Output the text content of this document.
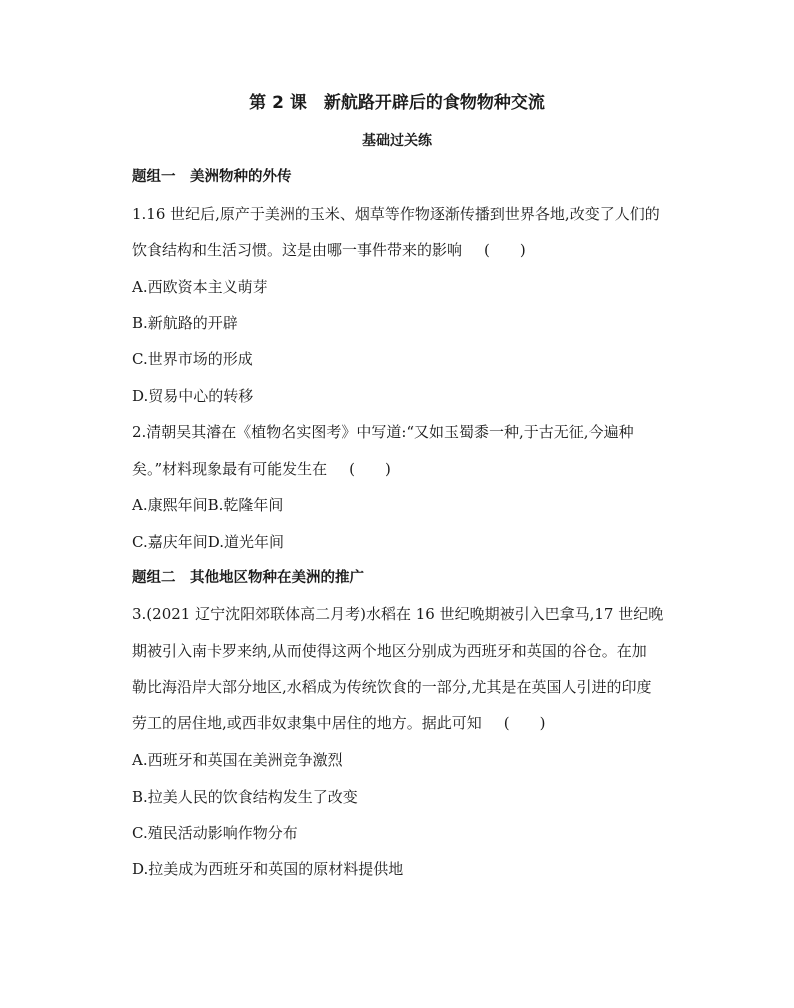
第 2 课　新航路开辟后的食物物种交流
基础过关练
题组一　美洲物种的外传
1.16 世纪后,原产于美洲的玉米、烟草等作物逐渐传播到世界各地,改变了人们的
饮食结构和生活习惯。这是由哪一事件带来的影响 (　　)
A.西欧资本主义萌芽
B.新航路的开辟
C.世界市场的形成
D.贸易中心的转移
2.清朝吴其濬在《植物名实图考》中写道:“又如玉蜀黍一种,于古无征,今遍种
矣。”材料现象最有可能发生在 (　　)
A.康熙年间B.乾隆年间
C.嘉庆年间D.道光年间
题组二　其他地区物种在美洲的推广
3.(2021 辽宁沈阳郊联体高二月考)水稻在 16 世纪晚期被引入巴拿马,17 世纪晚
期被引入南卡罗来纳,从而使得这两个地区分别成为西班牙和英国的谷仓。在加
勒比海沿岸大部分地区,水稻成为传统饮食的一部分,尤其是在英国人引进的印度
劳工的居住地,或西非奴隶集中居住的地方。据此可知 (　　)
A.西班牙和英国在美洲竞争激烈
B.拉美人民的饮食结构发生了改变
C.殖民活动影响作物分布
D.拉美成为西班牙和英国的原材料提供地
